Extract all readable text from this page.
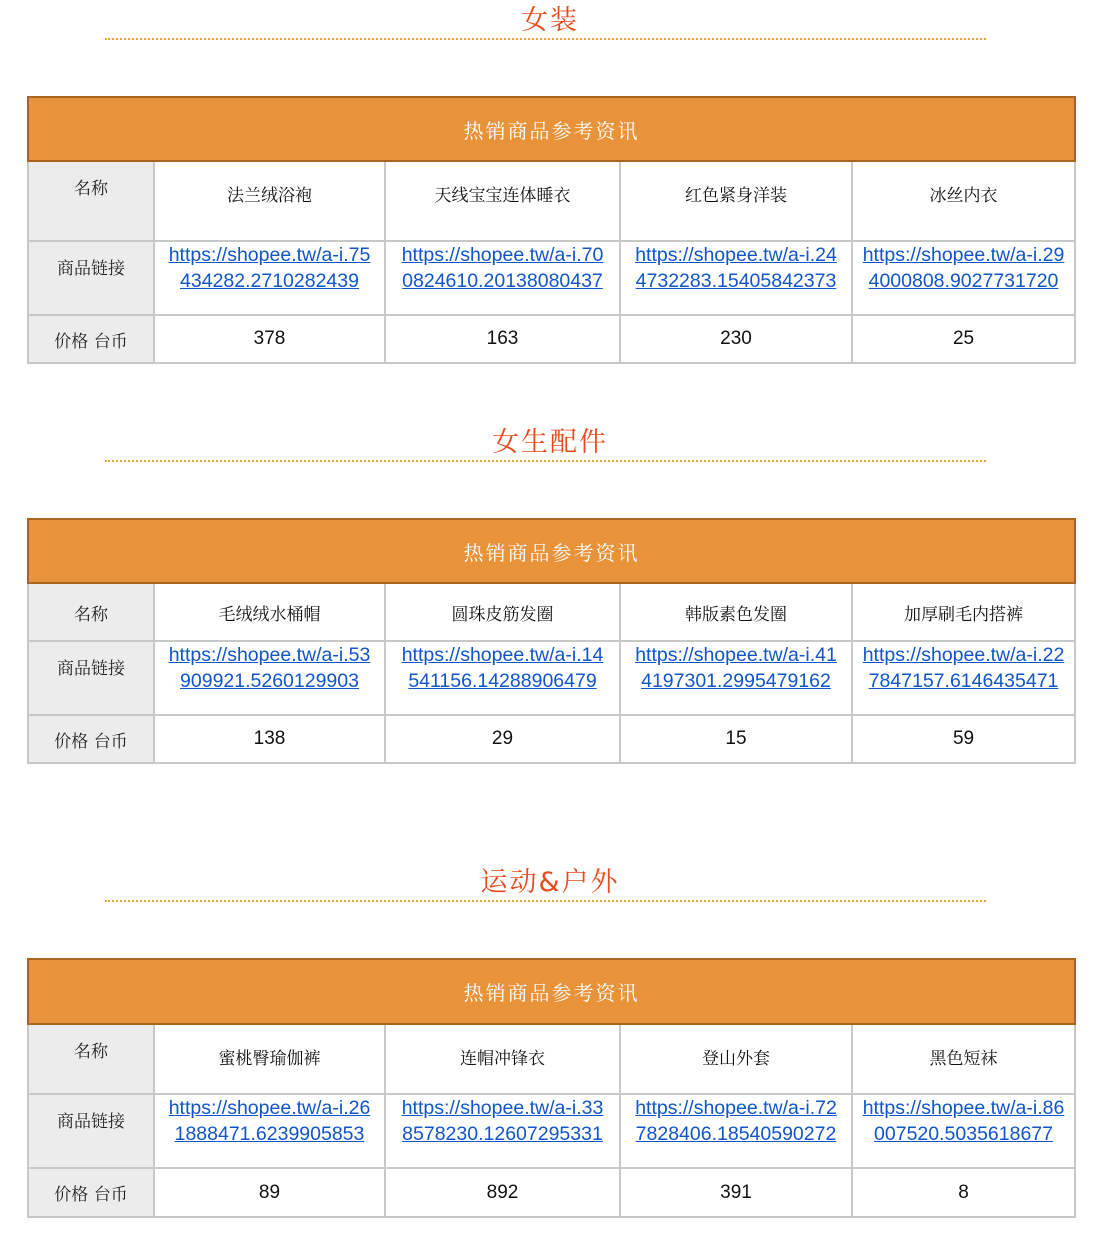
女装
热销商品参考资讯				
名称	法兰绒浴袍	天线宝宝连体睡衣	红色紧身洋装	冰丝内衣
商品链接	https://shopee.tw/a-i.75434282.2710282439	https://shopee.tw/a-i.700824610.20138080437	https://shopee.tw/a-i.244732283.15405842373	https://shopee.tw/a-i.294000808.9027731720
价格 台币	378	163	230	25
女生配件
热销商品参考资讯				
名称	毛绒绒水桶帽	圆珠皮筋发圈	韩版素色发圈	加厚刷毛内搭裤
商品链接	https://shopee.tw/a-i.53909921.5260129903	https://shopee.tw/a-i.14541156.14288906479	https://shopee.tw/a-i.414197301.2995479162	https://shopee.tw/a-i.227847157.6146435471
价格 台币	138	29	15	59
运动&户外
热销商品参考资讯				
名称	蜜桃臀瑜伽裤	连帽冲锋衣	登山外套	黑色短袜
商品链接	https://shopee.tw/a-i.261888471.6239905853	https://shopee.tw/a-i.338578230.12607295331	https://shopee.tw/a-i.727828406.18540590272	https://shopee.tw/a-i.86007520.5035618677
价格 台币	89	892	391	8
